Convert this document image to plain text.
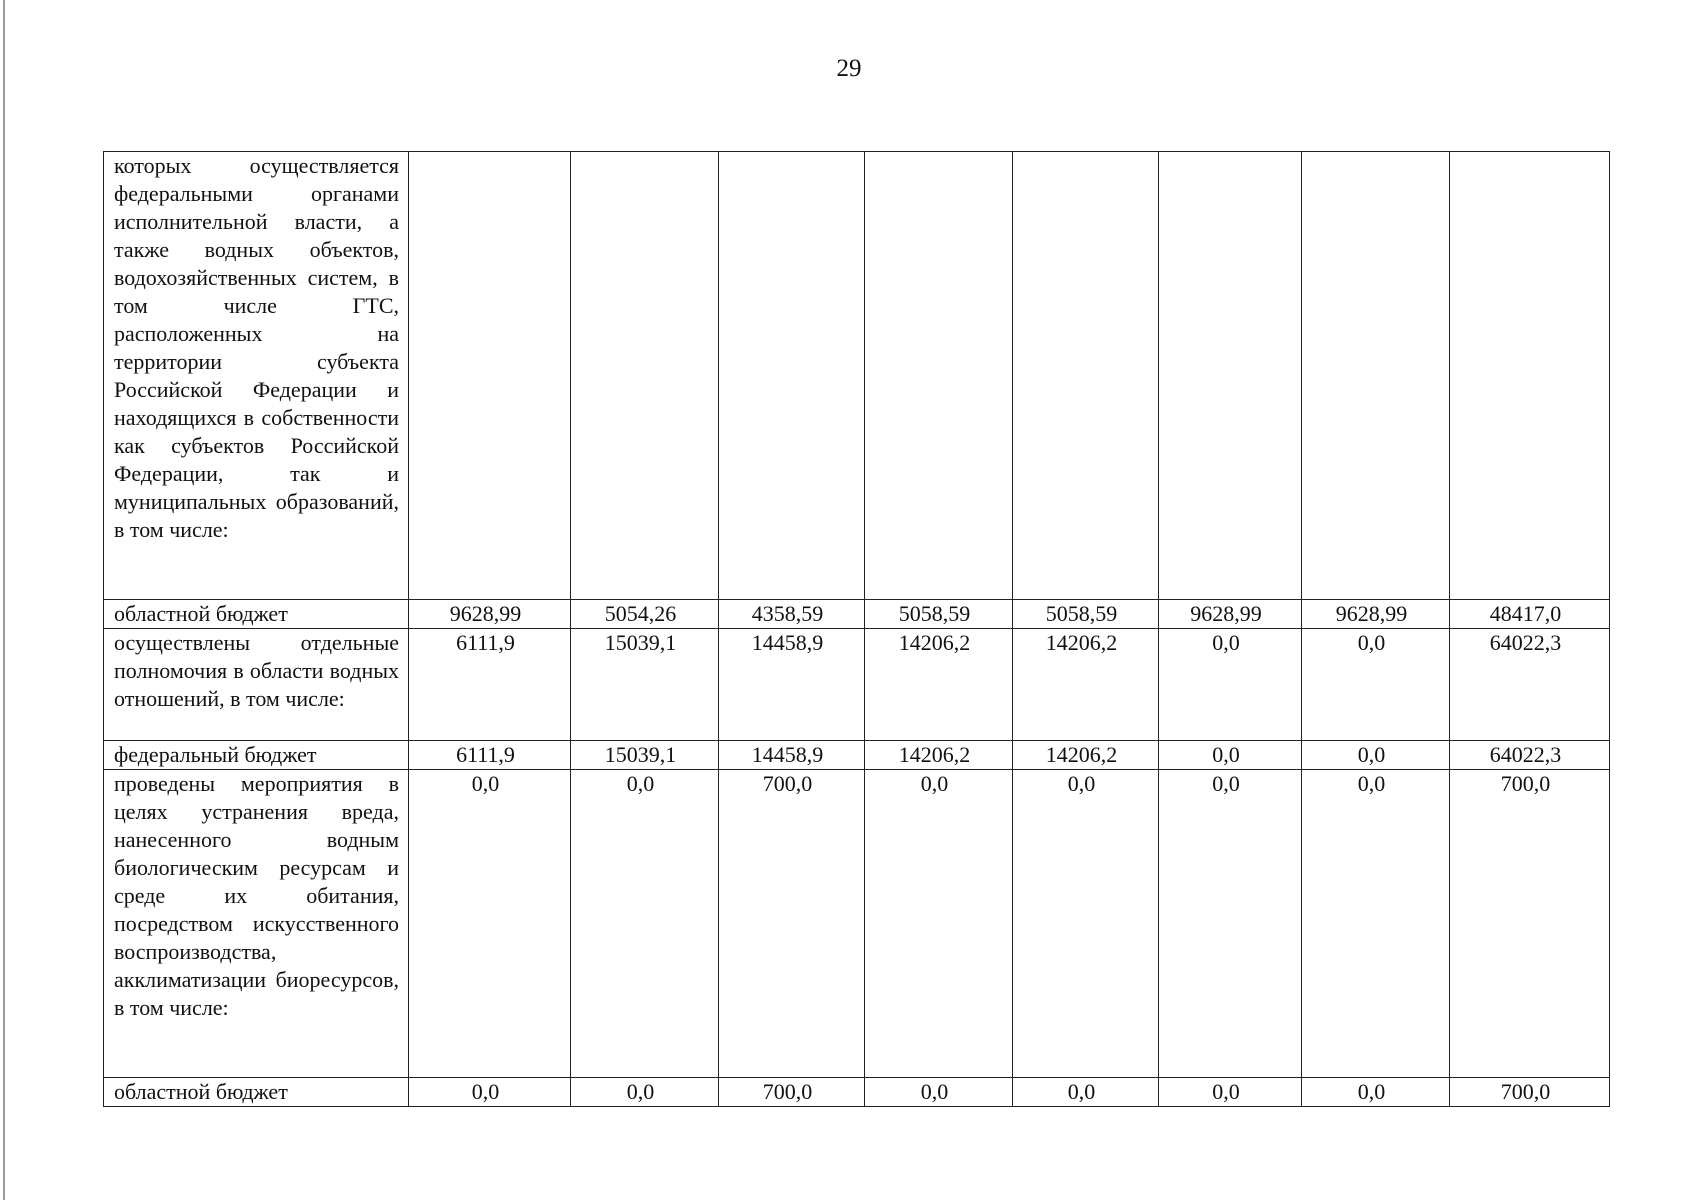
29
которых осуществляется федеральными органами исполнительной власти, а также водных объектов, водохозяйственных систем, в том числе ГТС, расположенных на территории субъекта Российской Федерации и находящихся в собственности как субъектов Российской Федерации, так и муниципальных образований, в том числе:	

областной бюджет	9628,99	5054,26	4358,59	5058,59	5058,59	9628,99	9628,99	48417,0

осуществлены отдельные полномочия в области водных отношений, в том числе:	6111,9	15039,1	14458,9	14206,2	14206,2	0,0	0,0	64022,3

федеральный бюджет	6111,9	15039,1	14458,9	14206,2	14206,2	0,0	0,0	64022,3

проведены мероприятия в целях устранения вреда, нанесенного водным биологическим ресурсам и среде их обитания, посредством искусственного воспроизводства, акклиматизации биоресурсов, в том числе:	0,0	0,0	700,0	0,0	0,0	0,0	0,0	700,0

областной бюджет	0,0	0,0	700,0	0,0	0,0	0,0	0,0	700,0
